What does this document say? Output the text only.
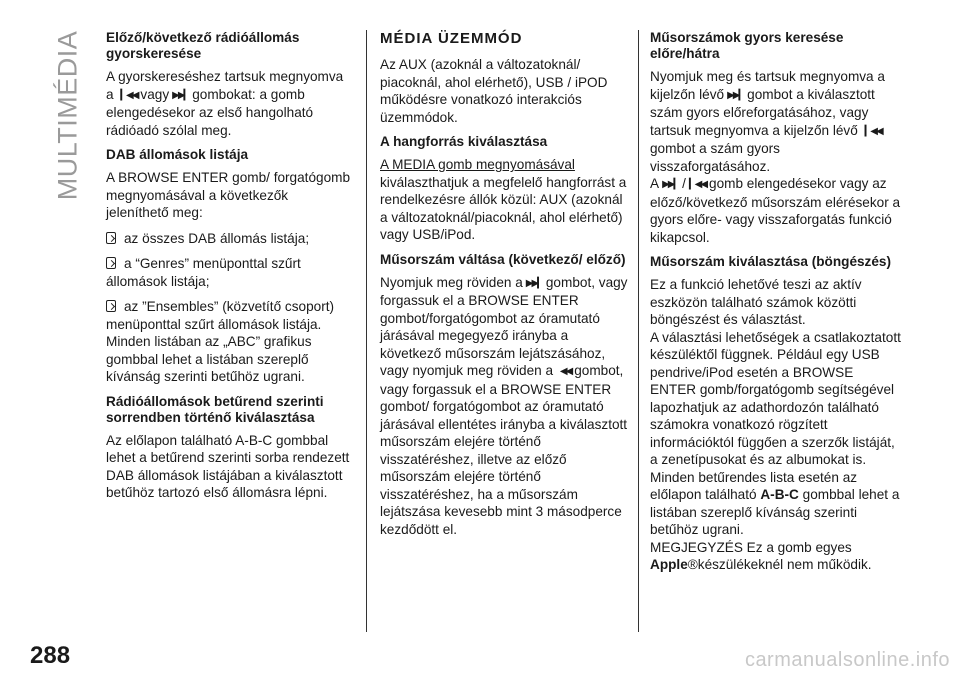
MULTIMÉDIA
288	carmanualsonline.info
Előző/következő rádióállomás gyorskeresése

A gyorskereséshez tartsuk megnyomva a ▎◀◀ vagy ▶▶▎ gombokat: a gomb elengedésekor az első hangolható rádióadó szólal meg.

DAB állomások listája

A BROWSE ENTER gomb/ forgatógomb megnyomásával a következők jeleníthető meg:

az összes DAB állomás listája;

a “Genres” menüponttal szűrt állomások listája;

az ”Ensembles” (közvetítő csoport) menüponttal szűrt állomások listája.

Minden listában az „ABC” grafikus gombbal lehet a listában szereplő kívánság szerinti betűhöz ugrani.

Rádióállomások betűrend szerinti sorrendben történő kiválasztása

Az előlapon található A-B-C gombbal lehet a betűrend szerinti sorba rendezett DAB állomások listájában a kiválasztott betűhöz tartozó első állomásra lépni.

MÉDIA ÜZEMMÓD

Az AUX (azoknál a változatoknál/ piacoknál, ahol elérhető), USB / iPOD működésre vonatkozó interakciós üzemmódok.

A hangforrás kiválasztása

A MEDIA gomb megnyomásával kiválaszthatjuk a megfelelő hangforrást a rendelkezésre állók közül: AUX (azoknál a változatoknál/piacoknál, ahol elérhető) vagy USB/iPod.

Műsorszám váltása (következő/ előző)

Nyomjuk meg röviden a ▶▶▎ gombot, vagy forgassuk el a BROWSE ENTER gombot/forgatógombot az óramutató járásával megegyező irányba a következő műsorszám lejátszásához, vagy nyomjuk meg röviden a ◀◀ gombot, vagy forgassuk el a BROWSE ENTER gombot/ forgatógombot az óramutató járásával ellentétes irányba a kiválasztott műsorszám elejére történő visszatéréshez, illetve az előző műsorszám elejére történő visszatéréshez, ha a műsorszám lejátszása kevesebb mint 3 másodperce kezdődött el.

Műsorszámok gyors keresése előre/hátra

Nyomjuk meg és tartsuk megnyomva a kijelzőn lévő ▶▶▎ gombot a kiválasztott szám gyors előreforgatásához, vagy tartsuk megnyomva a kijelzőn lévő ▎◀◀gombot a szám gyors visszaforgatásához.

A ▶▶▎ / ▎◀◀ gomb elengedésekor vagy az előző/következő műsorszám elérésekor a gyors előre- vagy visszaforgatás funkció kikapcsol.

Műsorszám kiválasztása (böngészés)

Ez a funkció lehetővé teszi az aktív eszközön található számok közötti böngészést és választást.

A választási lehetőségek a csatlakoztatott készüléktől függnek. Például egy USB pendrive/iPod esetén a BROWSE ENTER gomb/forgatógomb segítségével lapozhatjuk az adathordozón található számokra vonatkozó rögzített információktól függően a szerzők listáját, a zenetípusokat és az albumokat is.

Minden betűrendes lista esetén az előlapon található A-B-C gombbal lehet a listában szereplő kívánság szerinti betűhöz ugrani.

MEGJEGYZÉS Ez a gomb egyes Apple®készülékeknél nem működik.
